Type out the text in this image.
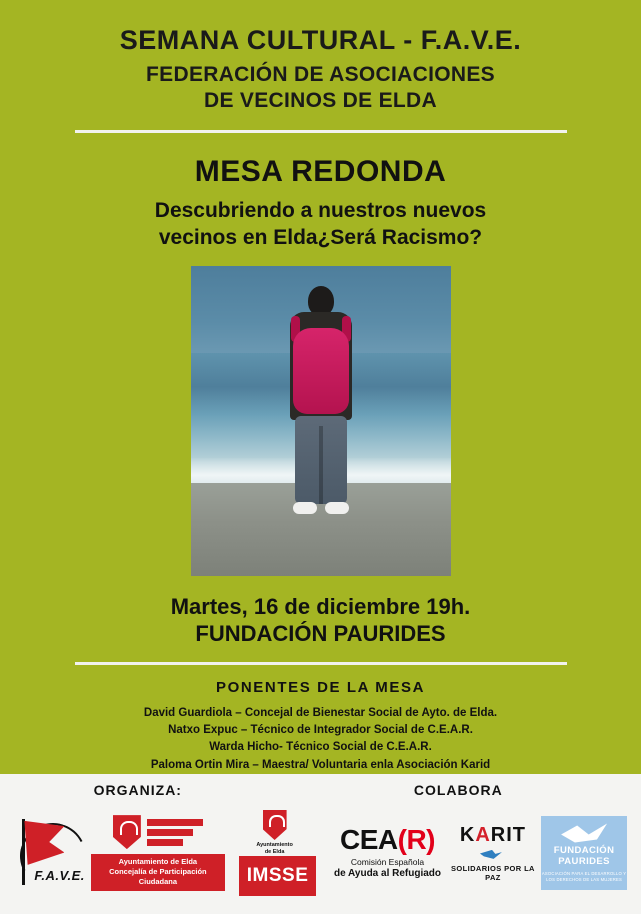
SEMANA CULTURAL - F.A.V.E.
FEDERACIÓN DE ASOCIACIONES
DE VECINOS DE ELDA
MESA REDONDA
Descubriendo a nuestros nuevos
vecinos en Elda¿Será Racismo?
Martes, 16 de diciembre 19h.
FUNDACIÓN PAURIDES
PONENTES DE LA MESA
David Guardiola – Concejal de Bienestar Social de Ayto. de Elda.
Natxo Expuc – Técnico de Integrador Social de C.E.A.R.
Warda Hicho- Técnico Social de C.E.A.R.
Paloma Ortin Mira – Maestra/ Voluntaria enla Asociación Karid
ORGANIZA:	COLABORA
F.A.V.E.
Ayuntamiento de Elda
Concejalía de Participación Ciudadana
Ayuntamiento
de Elda
IMSSE
CEA(R)
Comisión Española
de Ayuda al Refugiado
KARIT
SOLIDARIOS POR LA PAZ
FUNDACIÓN
PAURIDES
ASOCIACIÓN PARA EL DESARROLLO Y LOS DERECHOS DE LAS MUJERES
